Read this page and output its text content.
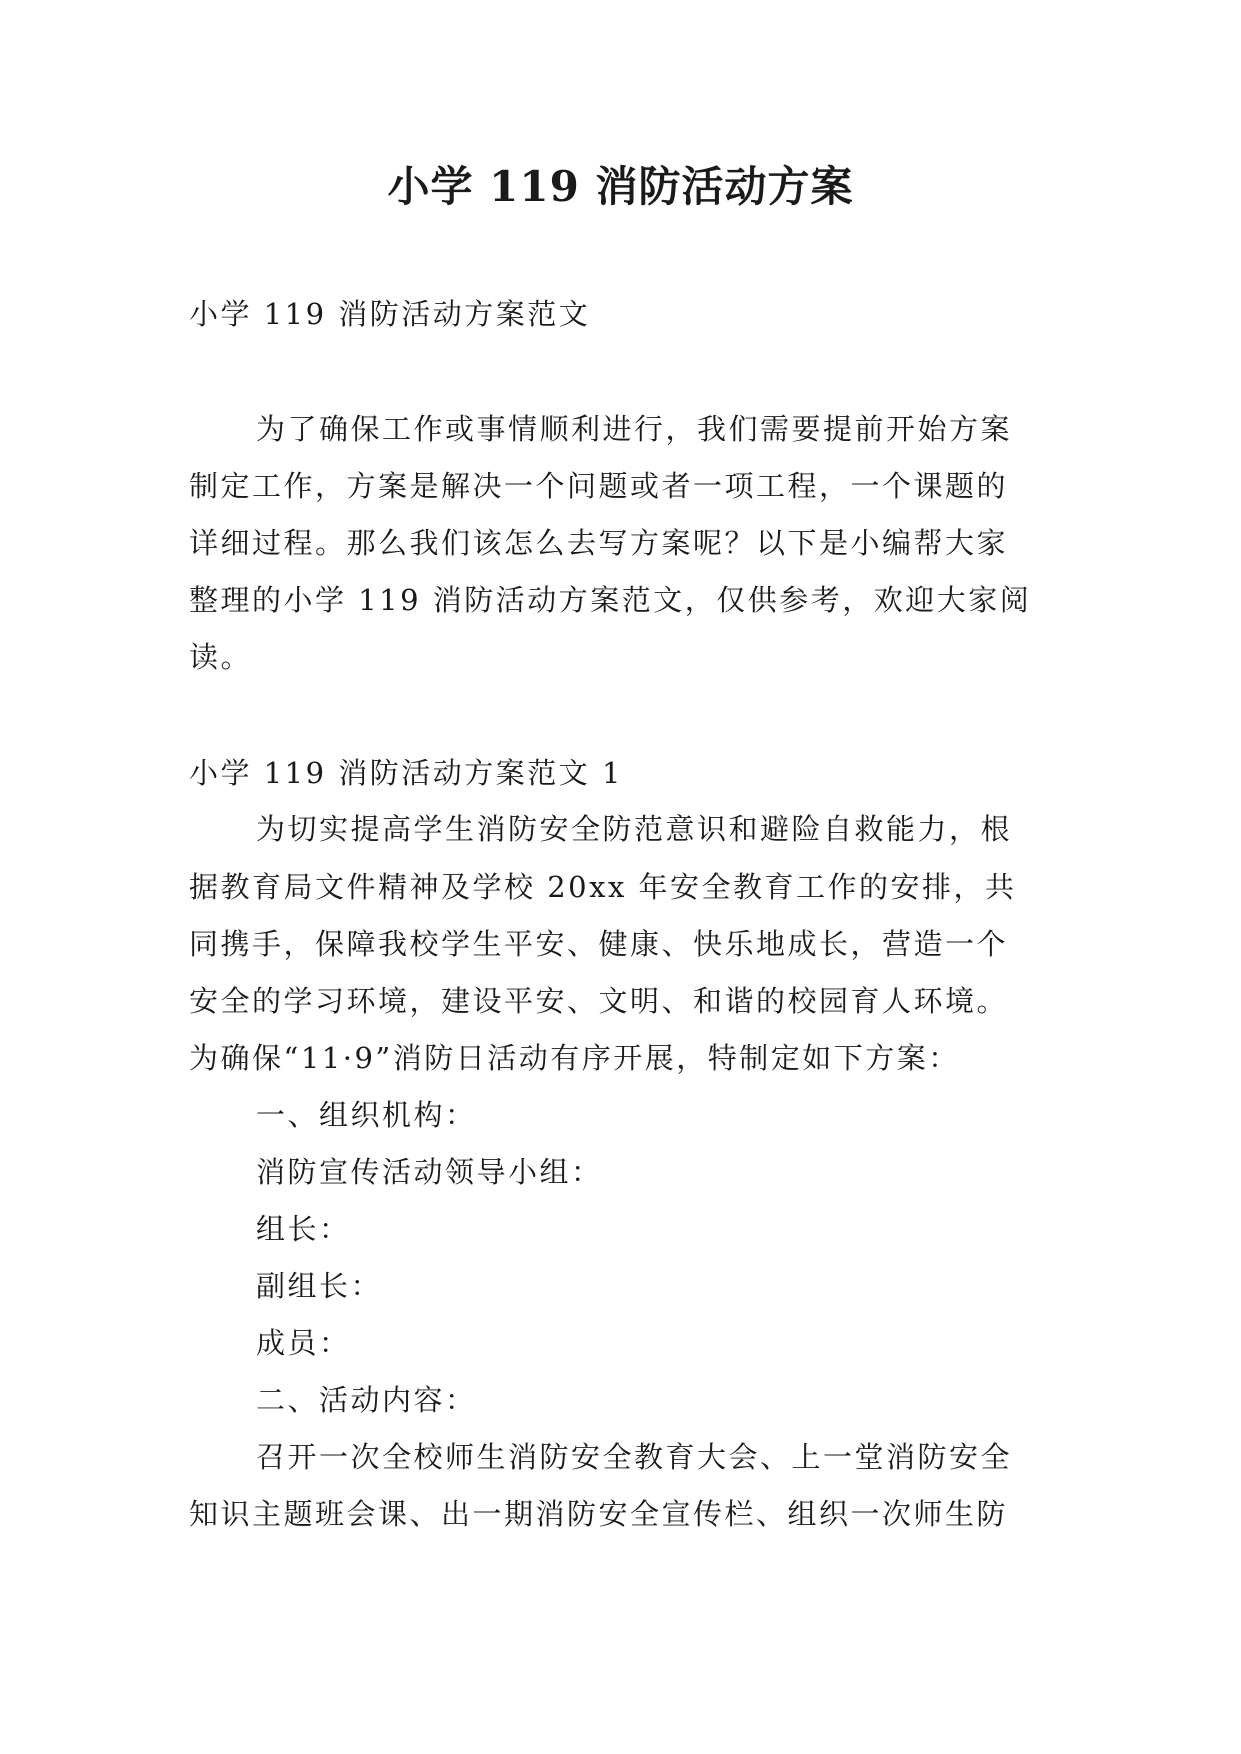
小学 119 消防活动方案
小学 119 消防活动方案范文
为了确保工作或事情顺利进行，我们需要提前开始方案
制定工作，方案是解决一个问题或者一项工程，一个课题的
详细过程。那么我们该怎么去写方案呢？以下是小编帮大家
整理的小学 119 消防活动方案范文，仅供参考，欢迎大家阅
读。
小学 119 消防活动方案范文 1
为切实提高学生消防安全防范意识和避险自救能力，根
据教育局文件精神及学校 20xx 年安全教育工作的安排，共
同携手，保障我校学生平安、健康、快乐地成长，营造一个
安全的学习环境，建设平安、文明、和谐的校园育人环境。
为确保“11·9”消防日活动有序开展，特制定如下方案：
一、组织机构：
消防宣传活动领导小组：
组长：
副组长：
成员：
二、活动内容：
召开一次全校师生消防安全教育大会、上一堂消防安全
知识主题班会课、出一期消防安全宣传栏、组织一次师生防
